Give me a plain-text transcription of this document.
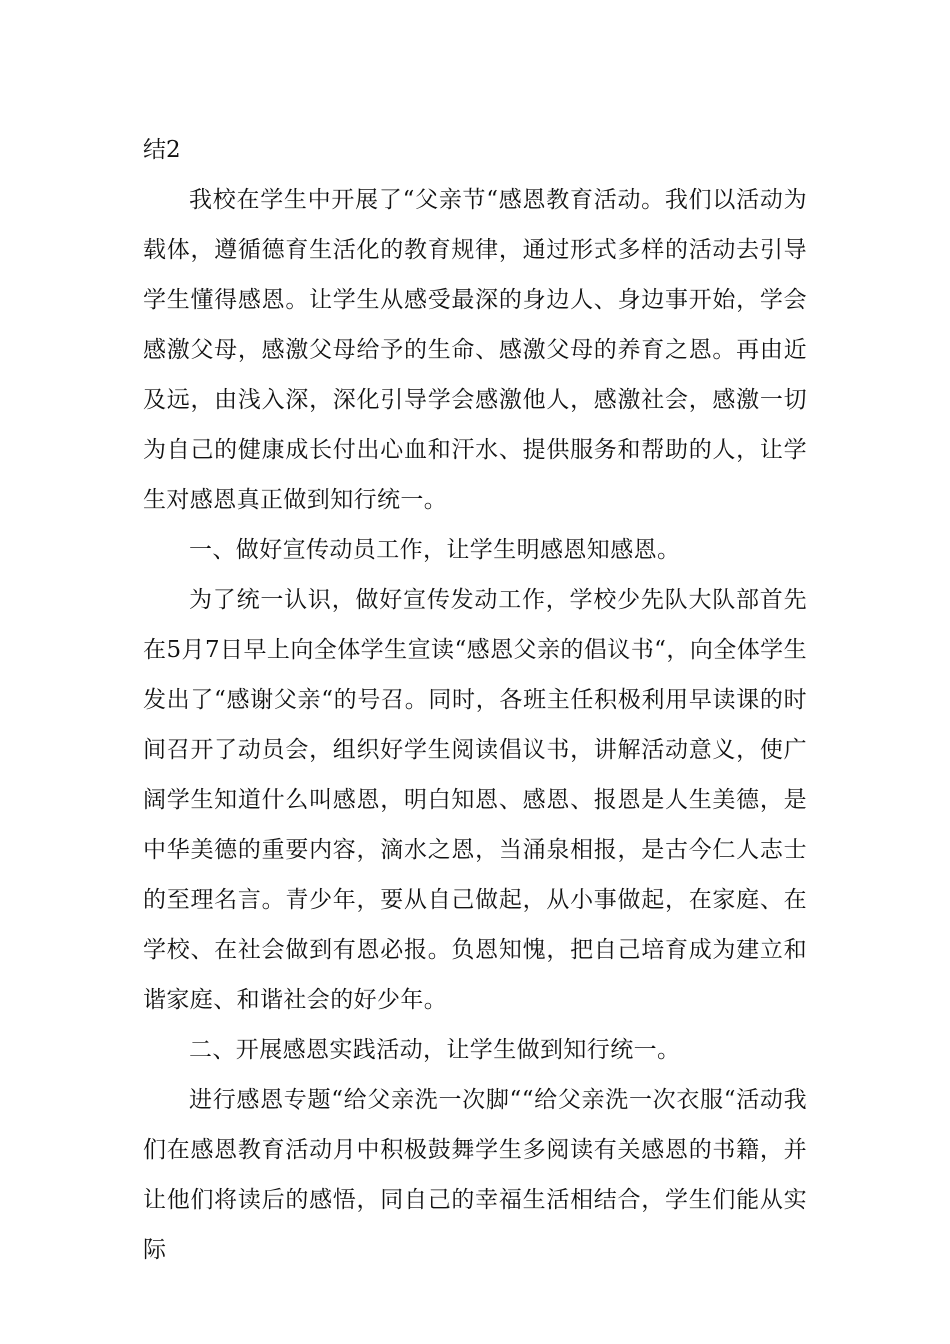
结2

我校在学生中开展了“父亲节“感恩教育活动。我们以活动为载体，遵循德育生活化的教育规律，通过形式多样的活动去引导学生懂得感恩。让学生从感受最深的身边人、身边事开始，学会感激父母，感激父母给予的生命、感激父母的养育之恩。再由近及远，由浅入深，深化引导学会感激他人，感激社会，感激一切为自己的健康成长付出心血和汗水、提供服务和帮助的人，让学生对感恩真正做到知行统一。

一、做好宣传动员工作，让学生明感恩知感恩。

为了统一认识，做好宣传发动工作，学校少先队大队部首先在5月7日早上向全体学生宣读“感恩父亲的倡议书“，向全体学生发出了“感谢父亲“的号召。同时，各班主任积极利用早读课的时间召开了动员会，组织好学生阅读倡议书，讲解活动意义，使广阔学生知道什么叫感恩，明白知恩、感恩、报恩是人生美德，是中华美德的重要内容，滴水之恩，当涌泉相报，是古今仁人志士的至理名言。青少年，要从自己做起，从小事做起，在家庭、在学校、在社会做到有恩必报。负恩知愧，把自己培育成为建立和谐家庭、和谐社会的好少年。

二、开展感恩实践活动，让学生做到知行统一。

进行感恩专题“给父亲洗一次脚““给父亲洗一次衣服“活动我们在感恩教育活动月中积极鼓舞学生多阅读有关感恩的书籍，并让他们将读后的感悟，同自己的幸福生活相结合，学生们能从实际
